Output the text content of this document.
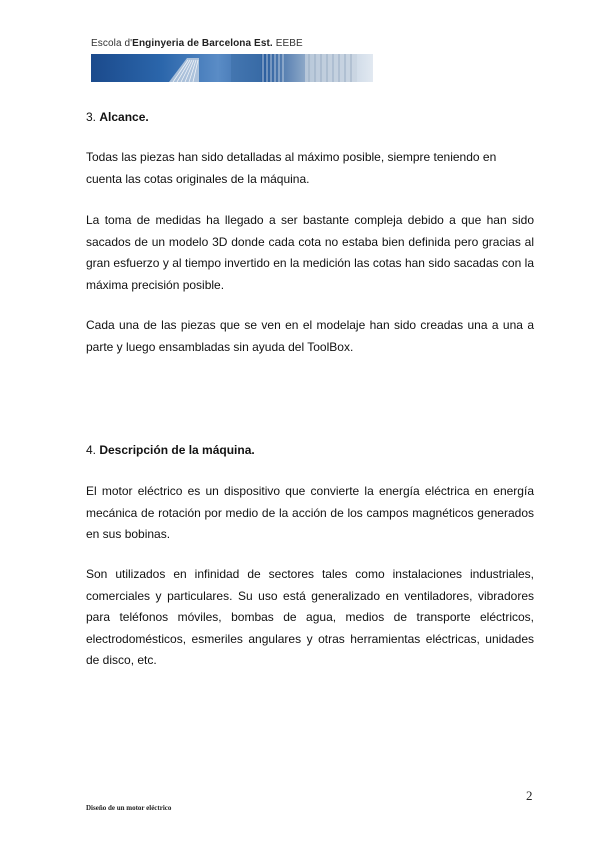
Escola d'Enginyeria de Barcelona Est. EEBE
3. Alcance.

Todas las piezas han sido detalladas al máximo posible, siempre teniendo en cuenta las cotas originales de la máquina.

La toma de medidas ha llegado a ser bastante compleja debido a que han sido sacados de un modelo 3D donde cada cota no estaba bien definida pero gracias al gran esfuerzo y al tiempo invertido en la medición las cotas han sido sacadas con la máxima precisión posible.

Cada una de las piezas que se ven en el modelaje han sido creadas una a una a parte y luego ensambladas sin ayuda del ToolBox.

4. Descripción de la máquina.

El motor eléctrico es un dispositivo que convierte la energía eléctrica en energía mecánica de rotación por medio de la acción de los campos magnéticos generados en sus bobinas.

Son utilizados en infinidad de sectores tales como instalaciones industriales, comerciales y particulares. Su uso está generalizado en ventiladores, vibradores para teléfonos móviles, bombas de agua, medios de transporte eléctricos, electrodomésticos, esmeriles angulares y otras herramientas eléctricas, unidades de disco, etc.

2
Diseño de un motor eléctrico
